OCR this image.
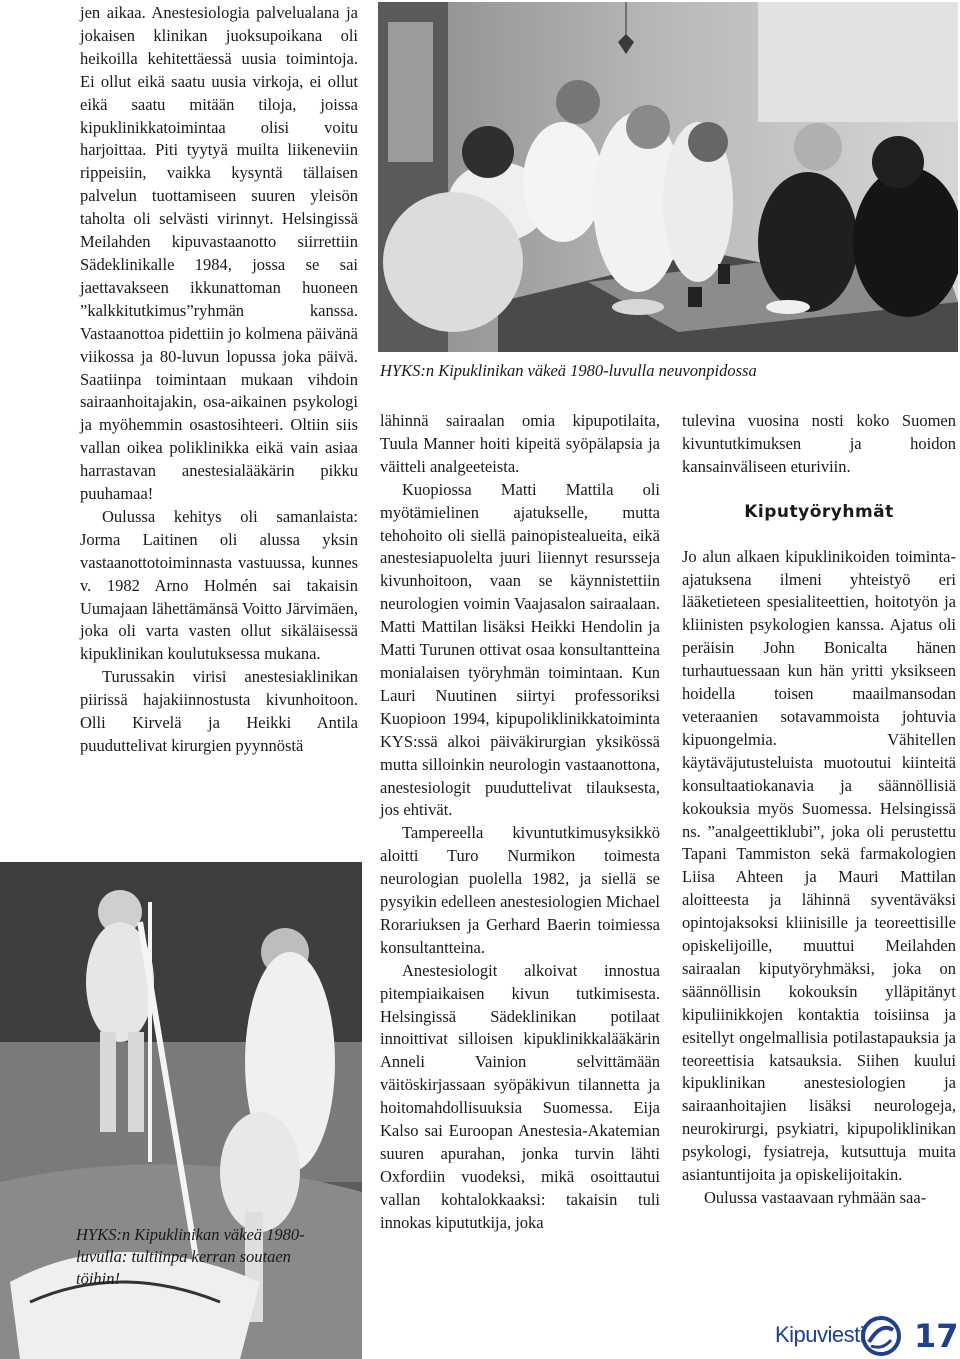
HYKS:n Kipuklinikan väkeä 1980-luvulla neuvonpidossa

jen aikaa. Anestesiologia palvelualana ja jokaisen klinikan juoksupoikana oli heikoilla kehitettäessä uusia toimintoja. Ei ollut eikä saatu uusia virkoja, ei ollut eikä saatu mitään tiloja, joissa kipuklinikkatoimintaa olisi voitu harjoittaa. Piti tyytyä muilta liikeneviin rippeisiin, vaikka kysyntä tällaisen palvelun tuottamiseen suuren yleisön taholta oli selvästi virinnyt. Helsingissä Meilahden kipuvastaanotto siirrettiin Sädeklinikalle 1984, jossa se sai jaettavakseen ikkunattoman huoneen ”kalkkitutkimus”ryhmän kanssa. Vastaanottoa pidettiin jo kolmena päivänä viikossa ja 80-luvun lopussa joka päivä. Saatiinpa toimintaan mukaan vihdoin sairaanhoitajakin, osa-aikainen psykologi ja myöhemmin osastosihteeri. Oltiin siis vallan oikea poliklinikka eikä vain asiaa harrastavan anestesialääkärin pikku puuhamaa!

Oulussa kehitys oli samanlaista: Jorma Laitinen oli alussa yksin vastaanottotoiminnasta vastuussa, kunnes v. 1982 Arno Holmén sai takaisin Uumajaan lähettämänsä Voitto Järvimäen, joka oli varta vasten ollut sikäläisessä kipuklinikan koulutuksessa mukana.

Turussakin virisi anestesiaklinikan piirissä hajakiinnostusta kivunhoitoon. Olli Kirvelä ja Heikki Antila puuduttelivat kirurgien pyynnöstä

lähinnä sairaalan omia kipupotilaita, Tuula Manner hoiti kipeitä syöpälapsia ja väitteli analgeeteista.

Kuopiossa Matti Mattila oli myötämielinen ajatukselle, mutta tehohoito oli siellä painopistealueita, eikä anestesiapuolelta juuri liiennyt resursseja kivunhoitoon, vaan se käynnistettiin neurologien voimin Vaajasalon sairaalaan. Matti Mattilan lisäksi Heikki Hendolin ja Matti Turunen ottivat osaa konsultantteina monialaisen työryhmän toimintaan. Kun Lauri Nuutinen siirtyi professoriksi Kuopioon 1994, kipupoliklinikkatoiminta KYS:ssä alkoi päiväkirurgian yksikössä mutta silloinkin neurologin vastaanottona, anestesiologit puuduttelivat tilauksesta, jos ehtivät.

Tampereella kivuntutkimusyksikkö aloitti Turo Nurmikon toimesta neurologian puolella 1982, ja siellä se pysyikin edelleen anestesiologien Michael Rorariuksen ja Gerhard Baerin toimiessa konsultantteina.

Anestesiologit alkoivat innostua pitempiaikaisen kivun tutkimisesta. Helsingissä Sädeklinikan potilaat innoittivat silloisen kipuklinikkalääkärin Anneli Vainion selvittämään väitöskirjassaan syöpäkivun tilannetta ja hoitomahdollisuuksia Suomessa. Eija Kalso sai Euroopan Anestesia-Akatemian suuren apurahan, jonka turvin lähti Oxfordiin vuodeksi, mikä osoittautui vallan kohtalokkaaksi: takaisin tuli innokas kipututkija, joka

tulevina vuosina nosti koko Suomen kivuntutkimuksen ja hoidon kansainväliseen eturiviin.

Kiputyöryhmät

Jo alun alkaen kipuklinikoiden toiminta-ajatuksena ilmeni yhteistyö eri lääketieteen spesialiteettien, hoitotyön ja kliinisten psykologien kanssa. Ajatus oli peräisin John Bonicalta hänen turhautuessaan kun hän yritti yksikseen hoidella toisen maailmansodan veteraanien sotavammoista johtuvia kipuongelmia. Vähitellen käytäväjutusteluista muotoutui kiinteitä konsultaatiokanavia ja säännöllisiä kokouksia myös Suomessa. Helsingissä ns. ”analgeettiklubi”, joka oli perustettu Tapani Tammiston sekä farmakologien Liisa Ahteen ja Mauri Mattilan aloitteesta ja lähinnä syventäväksi opintojaksoksi kliinisille ja teoreettisille opiskelijoille, muuttui Meilahden sairaalan kiputyöryhmäksi, joka on säännöllisin kokouksin ylläpitänyt kipuliinikkojen kontaktia toisiinsa ja esitellyt ongelmallisia potilastapauksia ja teoreettisia katsauksia. Siihen kuului kipuklinikan anestesiologien ja sairaanhoitajien lisäksi neurologeja, neurokirurgi, psykiatri, kipupoliklinikan psykologi, fysiatreja, kutsuttuja muita asiantuntijoita ja opiskelijoitakin.

Oulussa vastaavaan ryhmään saa-

HYKS:n Kipuklinikan väkeä 1980-luvulla: tultiinpa kerran soutaen töihin!
Kipuviesti 17
